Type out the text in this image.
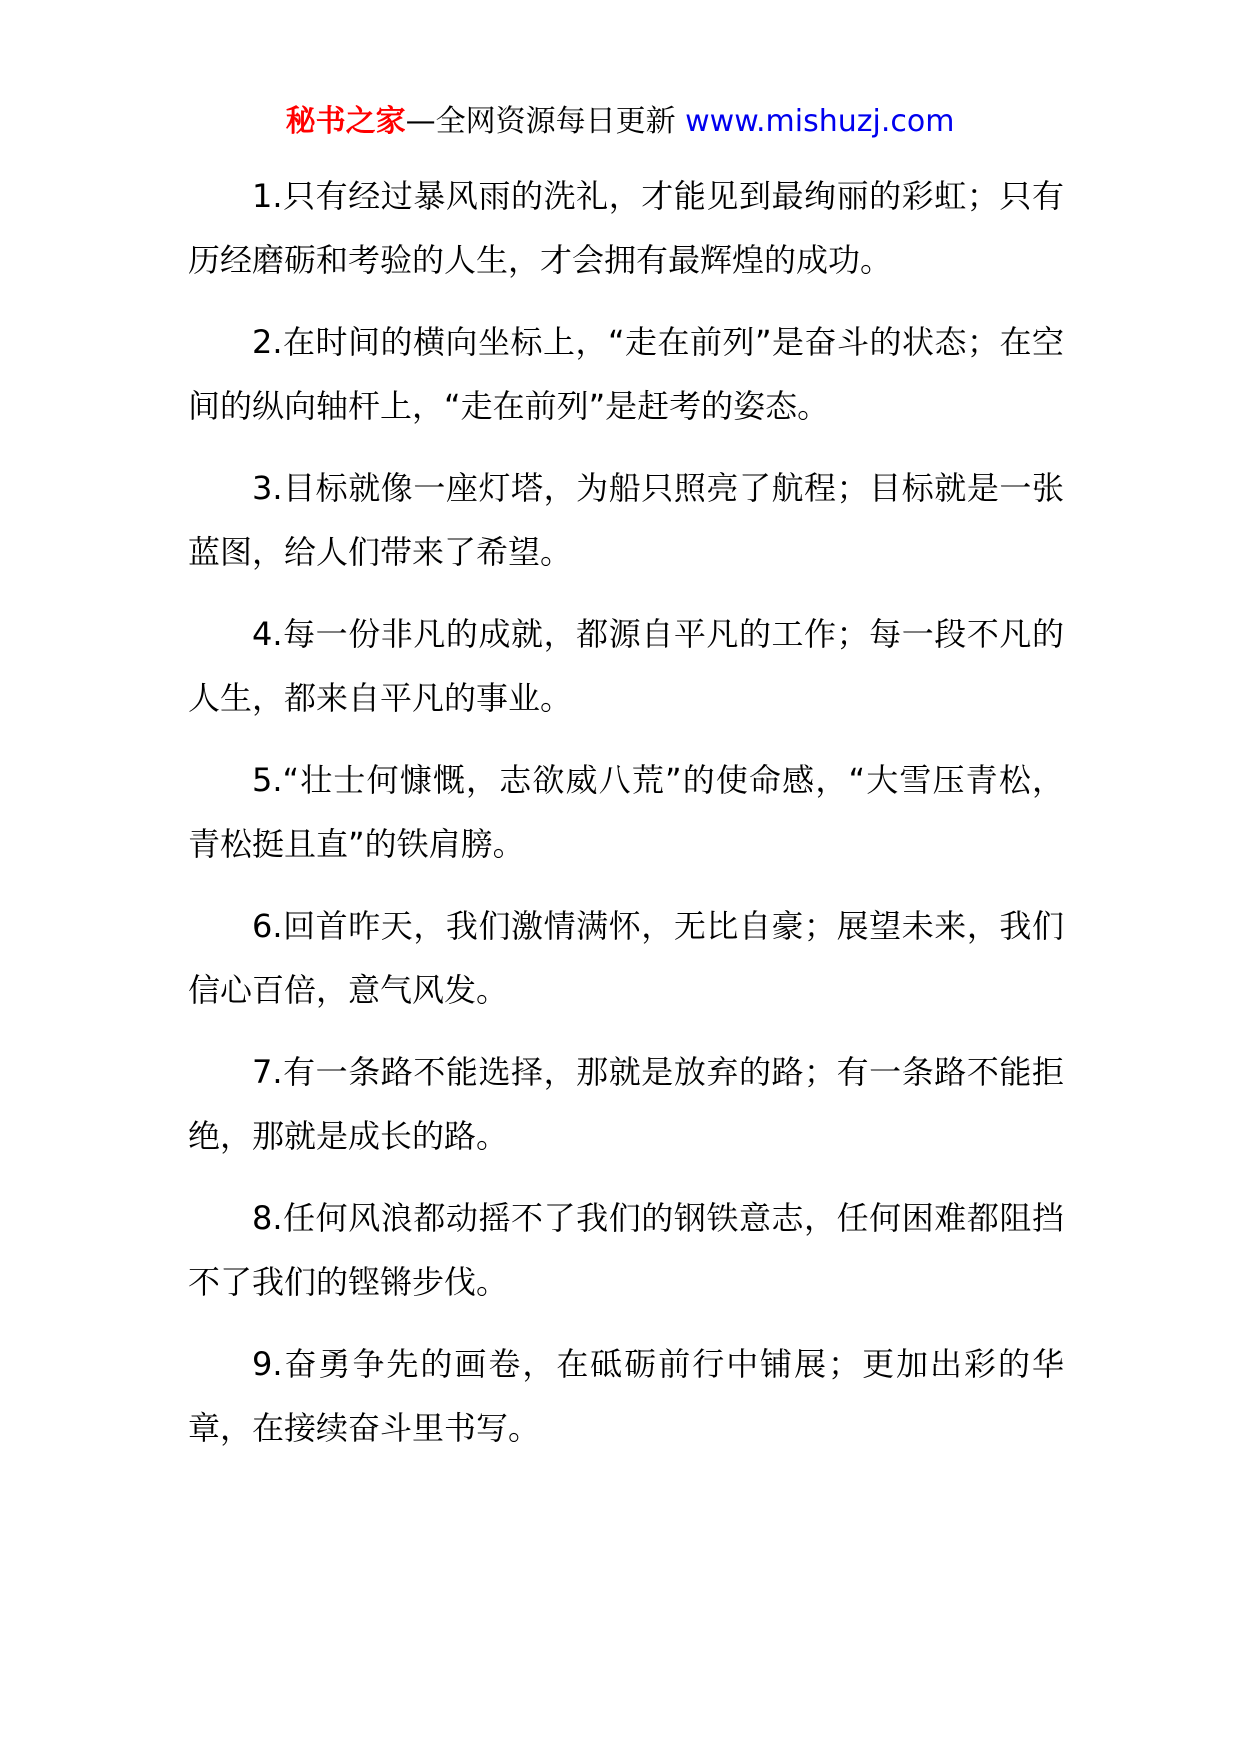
秘书之家—全网资源每日更新 www.mishuzj.com

1.只有经过暴风雨的洗礼，才能见到最绚丽的彩虹；只有历经磨砺和考验的人生，才会拥有最辉煌的成功。

2.在时间的横向坐标上，“走在前列”是奋斗的状态；在空间的纵向轴杆上，“走在前列”是赶考的姿态。

3.目标就像一座灯塔，为船只照亮了航程；目标就是一张蓝图，给人们带来了希望。

4.每一份非凡的成就，都源自平凡的工作；每一段不凡的人生，都来自平凡的事业。

5.“壮士何慷慨，志欲威八荒”的使命感，“大雪压青松，青松挺且直”的铁肩膀。

6.回首昨天，我们激情满怀，无比自豪；展望未来，我们信心百倍，意气风发。

7.有一条路不能选择，那就是放弃的路；有一条路不能拒绝，那就是成长的路。

8.任何风浪都动摇不了我们的钢铁意志，任何困难都阻挡不了我们的铿锵步伐。

9.奋勇争先的画卷，在砥砺前行中铺展；更加出彩的华章，在接续奋斗里书写。
